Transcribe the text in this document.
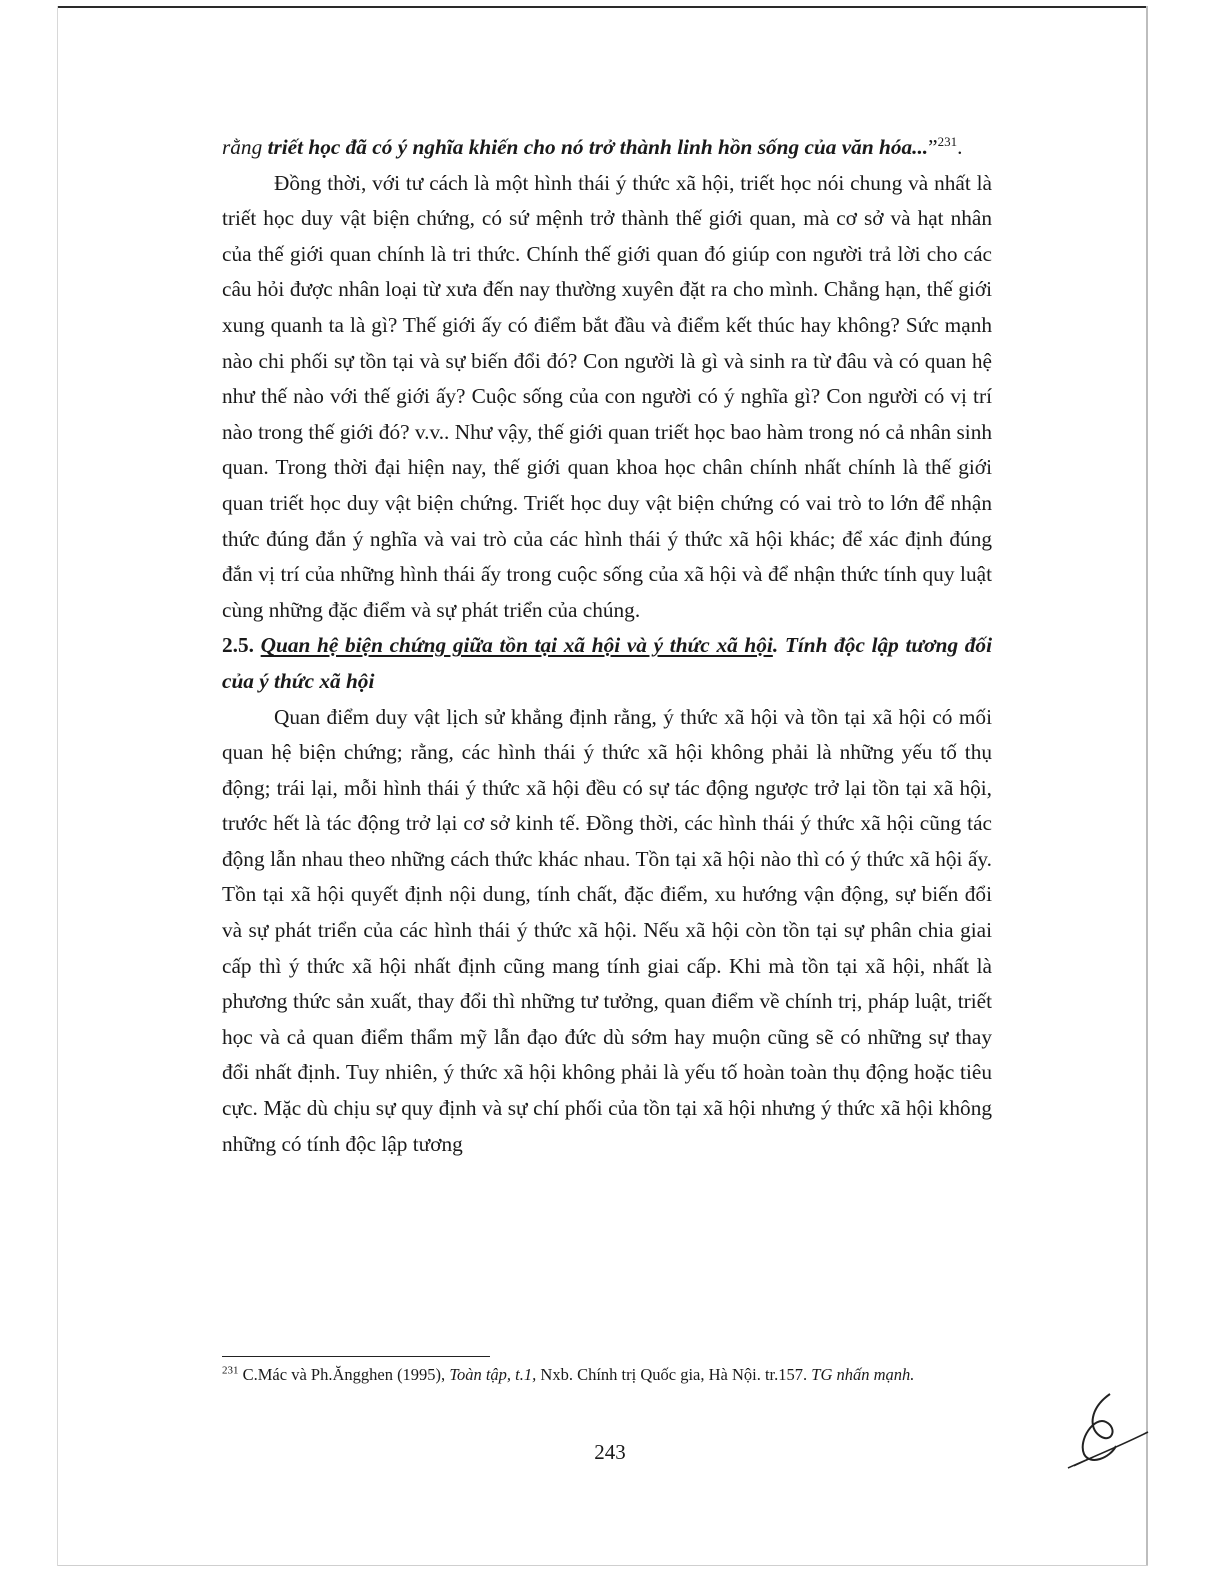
rằng triết học đã có ý nghĩa khiến cho nó trở thành linh hồn sống của văn hóa...”$^{231}$.

Đồng thời, với tư cách là một hình thái ý thức xã hội, triết học nói chung và nhất là triết học duy vật biện chứng, có sứ mệnh trở thành thế giới quan, mà cơ sở và hạt nhân của thế giới quan chính là tri thức. Chính thế giới quan đó giúp con người trả lời cho các câu hỏi được nhân loại từ xưa đến nay thường xuyên đặt ra cho mình. Chẳng hạn, thế giới xung quanh ta là gì? Thế giới ấy có điểm bắt đầu và điểm kết thúc hay không? Sức mạnh nào chi phối sự tồn tại và sự biến đổi đó? Con người là gì và sinh ra từ đâu và có quan hệ như thế nào với thế giới ấy? Cuộc sống của con người có ý nghĩa gì? Con người có vị trí nào trong thế giới đó? v.v.. Như vậy, thế giới quan triết học bao hàm trong nó cả nhân sinh quan. Trong thời đại hiện nay, thế giới quan khoa học chân chính nhất chính là thế giới quan triết học duy vật biện chứng. Triết học duy vật biện chứng có vai trò to lớn để nhận thức đúng đắn ý nghĩa và vai trò của các hình thái ý thức xã hội khác; để xác định đúng đắn vị trí của những hình thái ấy trong cuộc sống của xã hội và để nhận thức tính quy luật cùng những đặc điểm và sự phát triển của chúng.

2.5. Quan hệ biện chứng giữa tồn tại xã hội và ý thức xã hội. Tính độc lập tương đối của ý thức xã hội

Quan điểm duy vật lịch sử khẳng định rằng, ý thức xã hội và tồn tại xã hội có mối quan hệ biện chứng; rằng, các hình thái ý thức xã hội không phải là những yếu tố thụ động; trái lại, mỗi hình thái ý thức xã hội đều có sự tác động ngược trở lại tồn tại xã hội, trước hết là tác động trở lại cơ sở kinh tế. Đồng thời, các hình thái ý thức xã hội cũng tác động lẫn nhau theo những cách thức khác nhau. Tồn tại xã hội nào thì có ý thức xã hội ấy. Tồn tại xã hội quyết định nội dung, tính chất, đặc điểm, xu hướng vận động, sự biến đổi và sự phát triển của các hình thái ý thức xã hội. Nếu xã hội còn tồn tại sự phân chia giai cấp thì ý thức xã hội nhất định cũng mang tính giai cấp. Khi mà tồn tại xã hội, nhất là phương thức sản xuất, thay đổi thì những tư tưởng, quan điểm về chính trị, pháp luật, triết học và cả quan điểm thẩm mỹ lẫn đạo đức dù sớm hay muộn cũng sẽ có những sự thay đổi nhất định. Tuy nhiên, ý thức xã hội không phải là yếu tố hoàn toàn thụ động hoặc tiêu cực. Mặc dù chịu sự quy định và sự chí phối của tồn tại xã hội nhưng ý thức xã hội không những có tính độc lập tương

$^{231}$ C.Mác và Ph.Ăngghen (1995), Toàn tập, t.1, Nxb. Chính trị Quốc gia, Hà Nội. tr.157. TG nhấn mạnh.
243
